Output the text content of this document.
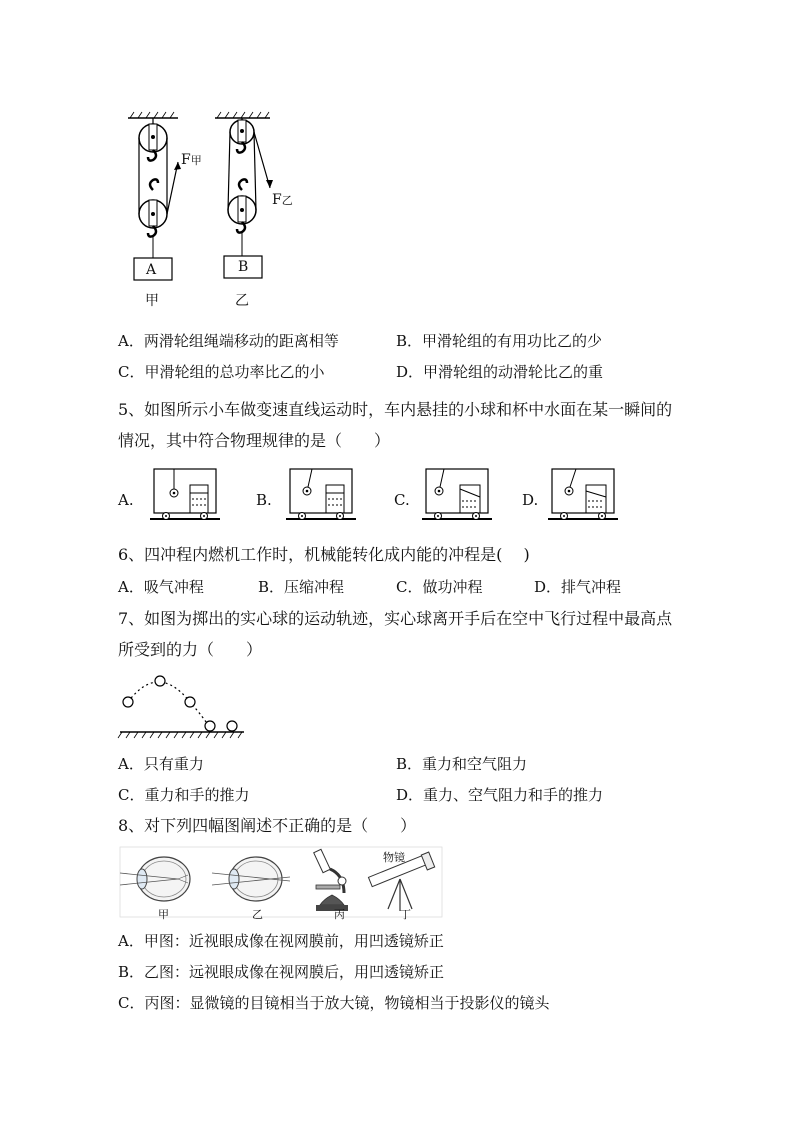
F甲
F乙
A	B
甲	乙
A．两滑轮组绳端移动的距离相等	B．甲滑轮组的有用功比乙的少
C．甲滑轮组的总功率比乙的小	D．甲滑轮组的动滑轮比乙的重
5、如图所示小车做变速直线运动时，车内悬挂的小球和杯中水面在某一瞬间的
情况，其中符合物理规律的是（　　）
A.	B.	C.	D.
6、四冲程内燃机工作时，机械能转化成内能的冲程是(　 )
A．吸气冲程	B．压缩冲程	C．做功冲程	D．排气冲程
7、如图为掷出的实心球的运动轨迹，实心球离开手后在空中飞行过程中最高点
所受到的力（　　）
A．只有重力	B．重力和空气阻力
C．重力和手的推力	D．重力、空气阻力和手的推力
8、对下列四幅图阐述不正确的是（　　）
物镜
甲	乙	丙	丁
A．甲图：近视眼成像在视网膜前，用凹透镜矫正
B．乙图：远视眼成像在视网膜后，用凹透镜矫正
C．丙图：显微镜的目镜相当于放大镜，物镜相当于投影仪的镜头
